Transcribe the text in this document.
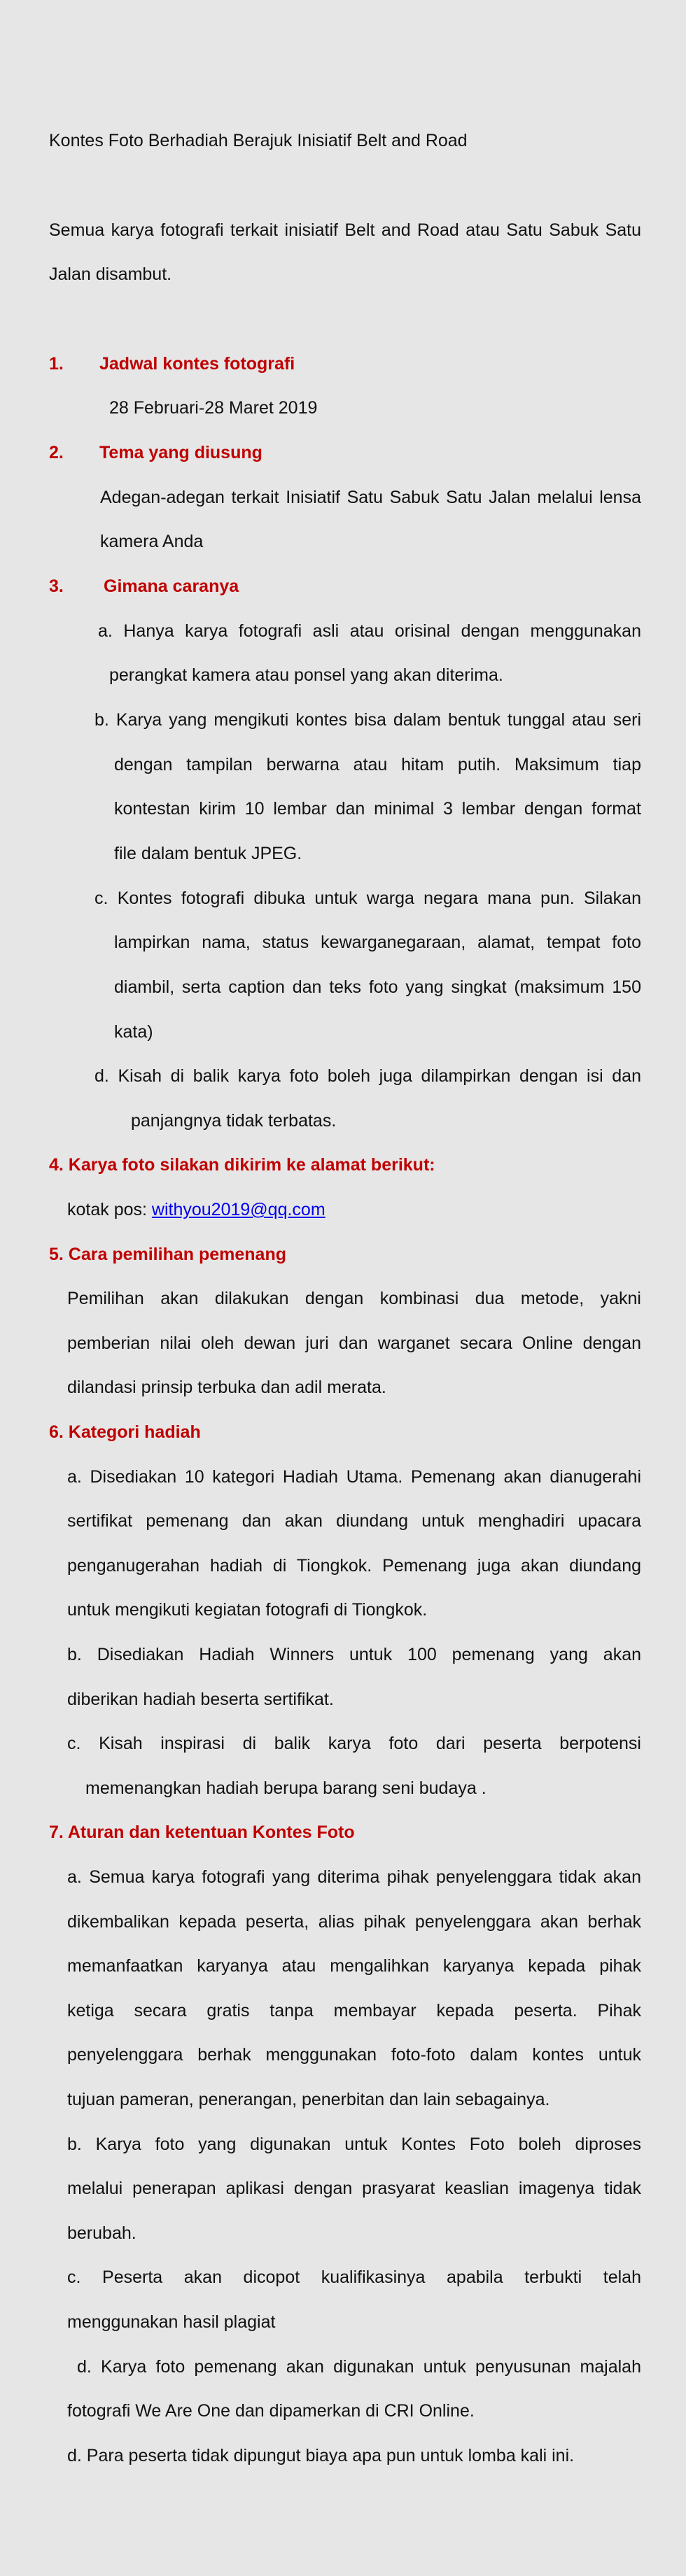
Kontes Foto Berhadiah Berajuk Inisiatif Belt and Road
Semua karya fotografi terkait inisiatif Belt and Road atau Satu Sabuk Satu
Jalan disambut.
1. Jadwal kontes fotografi
28 Februari-28 Maret 2019
2. Tema yang diusung
Adegan-adegan terkait Inisiatif Satu Sabuk Satu Jalan melalui lensa
kamera Anda
3. Gimana caranya
a. Hanya karya fotografi asli atau orisinal dengan menggunakan
perangkat kamera atau ponsel yang akan diterima.
b. Karya yang mengikuti kontes bisa dalam bentuk tunggal atau seri
dengan tampilan berwarna atau hitam putih. Maksimum tiap
kontestan kirim 10 lembar dan minimal 3 lembar dengan format
file dalam bentuk JPEG.
c. Kontes fotografi dibuka untuk warga negara mana pun. Silakan
lampirkan nama, status kewarganegaraan, alamat, tempat foto
diambil, serta caption dan teks foto yang singkat (maksimum 150
kata)
d. Kisah di balik karya foto boleh juga dilampirkan dengan isi dan
panjangnya tidak terbatas.
4. Karya foto silakan dikirim ke alamat berikut:
kotak pos: withyou2019@qq.com
5. Cara pemilihan pemenang
Pemilihan akan dilakukan dengan kombinasi dua metode, yakni
pemberian nilai oleh dewan juri dan warganet secara Online dengan
dilandasi prinsip terbuka dan adil merata.
6. Kategori hadiah
a. Disediakan 10 kategori Hadiah Utama. Pemenang akan dianugerahi
sertifikat pemenang dan akan diundang untuk menghadiri upacara
penganugerahan hadiah di Tiongkok. Pemenang juga akan diundang
untuk mengikuti kegiatan fotografi di Tiongkok.
b. Disediakan Hadiah Winners untuk 100 pemenang yang akan
diberikan hadiah beserta sertifikat.
c. Kisah inspirasi di balik karya foto dari peserta berpotensi
memenangkan hadiah berupa barang seni budaya .
7. Aturan dan ketentuan Kontes Foto
a. Semua karya fotografi yang diterima pihak penyelenggara tidak akan
dikembalikan kepada peserta, alias pihak penyelenggara akan berhak
memanfaatkan karyanya atau mengalihkan karyanya kepada pihak
ketiga secara gratis tanpa membayar kepada peserta. Pihak
penyelenggara berhak menggunakan foto-foto dalam kontes untuk
tujuan pameran, penerangan, penerbitan dan lain sebagainya.
b. Karya foto yang digunakan untuk Kontes Foto boleh diproses
melalui penerapan aplikasi dengan prasyarat keaslian imagenya tidak
berubah.
c. Peserta akan dicopot kualifikasinya apabila terbukti telah
menggunakan hasil plagiat
d. Karya foto pemenang akan digunakan untuk penyusunan majalah
fotografi We Are One dan dipamerkan di CRI Online.
d. Para peserta tidak dipungut biaya apa pun untuk lomba kali ini.
